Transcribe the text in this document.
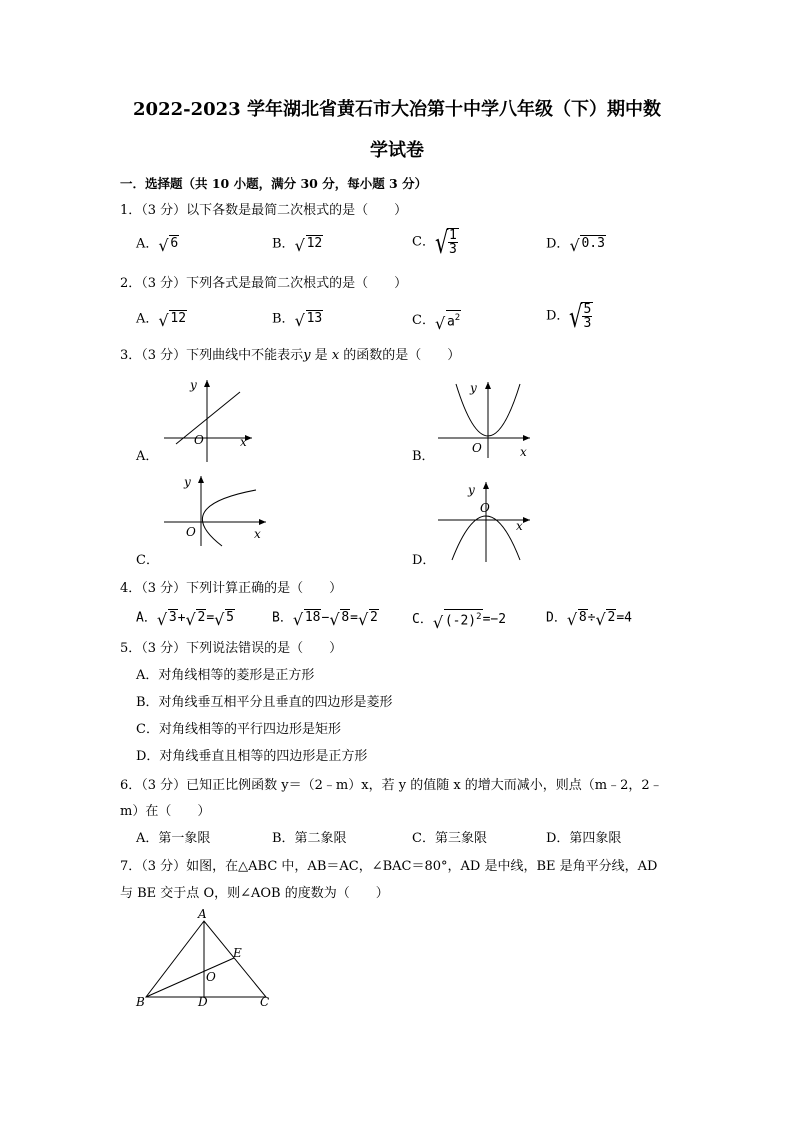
2022-2023 学年湖北省黄石市大冶第十中学八年级（下）期中数
学试卷
一．选择题（共 10 小题，满分 30 分，每小题 3 分）
1．（3 分）以下各数是最简二次根式的是（　　）
A． √ 6	B． √ 12	C． √ $\frac{1}{3}$	D． √ 0.3
2．（3 分）下列各式是最简二次根式的是（　　）
A． √ 12	B． √ 13	C． √ $a^2$	D． √ $\frac{5}{3}$
3．（3 分）下列曲线中不能表示y 是 x 的函数的是（　　）
x
y
O
A．	x
y
O
B．
x
y
O
C．
x
y
O
D．
4．（3 分）下列计算正确的是（　　）
A． √ 3+ √ 2= √ 5	B． √ 18− √ 8= √ 2	C． √ $(-2)^2=-2$	D． √ 8÷ √ 2=4
5．（3 分）下列说法错误的是（　　）
A．对角线相等的菱形是正方形
B．对角线垂互相平分且垂直的四边形是菱形
C．对角线相等的平行四边形是矩形
D．对角线垂直且相等的四边形是正方形
6．（3 分）已知正比例函数 y＝（2﹣m）x，若 y 的值随 x 的增大而减小，则点（m﹣2，2﹣
m）在（　　）
A．第一象限	B．第二象限	C．第三象限	D．第四象限
7．（3 分）如图，在△ABC 中，AB＝AC，∠BAC＝80°，AD 是中线，BE 是角平分线，AD
与 BE 交于点 O，则∠AOB 的度数为（　　）
A
B	C
D
E
O
